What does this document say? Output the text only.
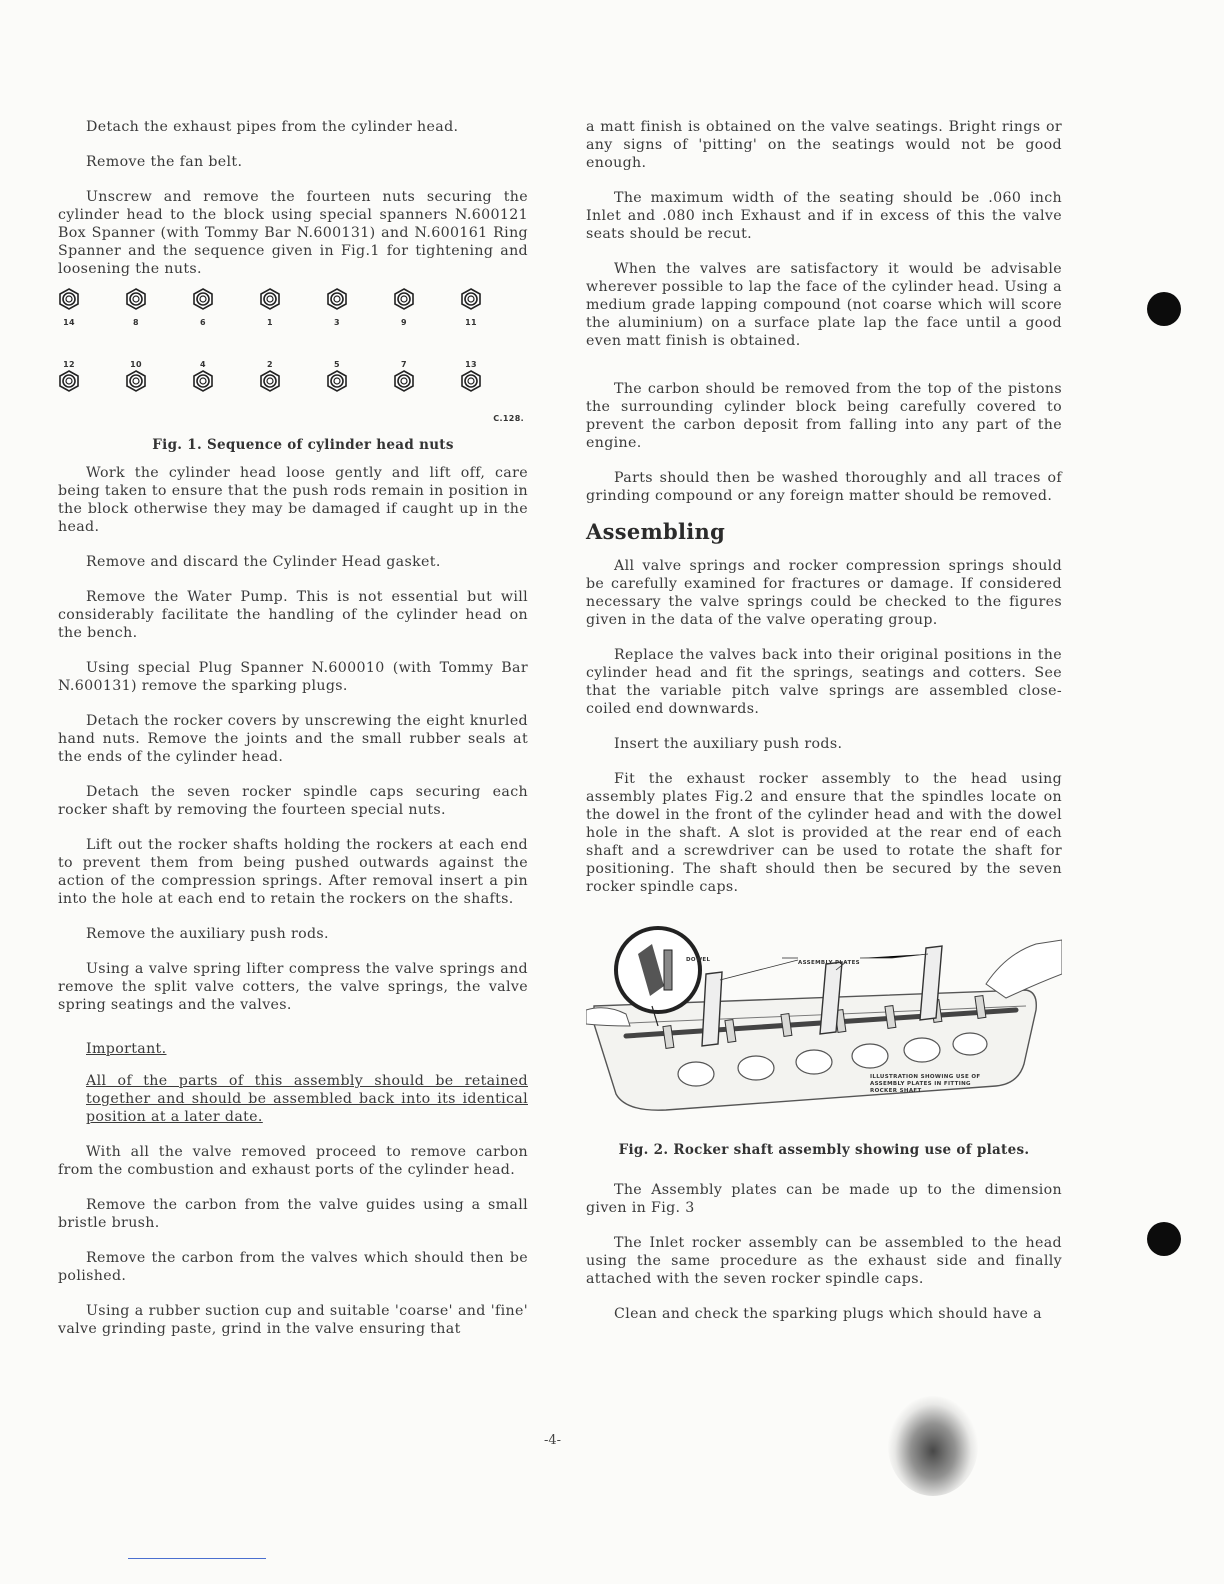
Detach the exhaust pipes from the cylinder head.

Remove the fan belt.

Unscrew and remove the fourteen nuts securing the cylinder head to the block using special spanners N.600121 Box Spanner (with Tommy Bar N.600131) and N.600161 Ring Spanner and the sequence given in Fig.1 for tightening and loosening the nuts.

14	8	6	1	3	9	11
12	10	4	2	5	7	13
C.128.
Fig. 1. Sequence of cylinder head nuts

Work the cylinder head loose gently and lift off, care being taken to ensure that the push rods remain in position in the block otherwise they may be damaged if caught up in the head.

Remove and discard the Cylinder Head gasket.

Remove the Water Pump. This is not essential but will considerably facilitate the handling of the cylinder head on the bench.

Using special Plug Spanner N.600010 (with Tommy Bar N.600131) remove the sparking plugs.

Detach the rocker covers by unscrewing the eight knurled hand nuts. Remove the joints and the small rubber seals at the ends of the cylinder head.

Detach the seven rocker spindle caps securing each rocker shaft by removing the fourteen special nuts.

Lift out the rocker shafts holding the rockers at each end to prevent them from being pushed outwards against the action of the compression springs. After removal insert a pin into the hole at each end to retain the rockers on the shafts.

Remove the auxiliary push rods.

Using a valve spring lifter compress the valve springs and remove the split valve cotters, the valve springs, the valve spring seatings and the valves.

Important.

All of the parts of this assembly should be retained together and should be assembled back into its identical position at a later date.

With all the valve removed proceed to remove carbon from the combustion and exhaust ports of the cylinder head.

Remove the carbon from the valve guides using a small bristle brush.

Remove the carbon from the valves which should then be polished.

Using a rubber suction cup and suitable 'coarse' and 'fine' valve grinding paste, grind in the valve ensuring that

a matt finish is obtained on the valve seatings. Bright rings or any signs of 'pitting' on the seatings would not be good enough.

The maximum width of the seating should be .060 inch Inlet and .080 inch Exhaust and if in excess of this the valve seats should be recut.

When the valves are satisfactory it would be advisable wherever possible to lap the face of the cylinder head. Using a medium grade lapping compound (not coarse which will score the aluminium) on a surface plate lap the face until a good even matt finish is obtained.

The carbon should be removed from the top of the pistons the surrounding cylinder block being carefully covered to prevent the carbon deposit from falling into any part of the engine.

Parts should then be washed thoroughly and all traces of grinding compound or any foreign matter should be removed.

Assembling

All valve springs and rocker compression springs should be carefully examined for fractures or damage. If considered necessary the valve springs could be checked to the figures given in the data of the valve operating group.

Replace the valves back into their original positions in the cylinder head and fit the springs, seatings and cotters. See that the variable pitch valve springs are assembled close-coiled end downwards.

Insert the auxiliary push rods.

Fit the exhaust rocker assembly to the head using assembly plates Fig.2 and ensure that the spindles locate on the dowel in the front of the cylinder head and with the dowel hole in the shaft. A slot is provided at the rear end of each shaft and a screwdriver can be used to rotate the shaft for positioning. The shaft should then be secured by the seven rocker spindle caps.

DOWEL	ASSEMBLY PLATES
ILLUSTRATION SHOWING USE OF ASSEMBLY PLATES IN FITTING ROCKER SHAFT
Fig. 2. Rocker shaft assembly showing use of plates.

The Assembly plates can be made up to the dimension given in Fig. 3

The Inlet rocker assembly can be assembled to the head using the same procedure as the exhaust side and finally attached with the seven rocker spindle caps.

Clean and check the sparking plugs which should have a

-4-
